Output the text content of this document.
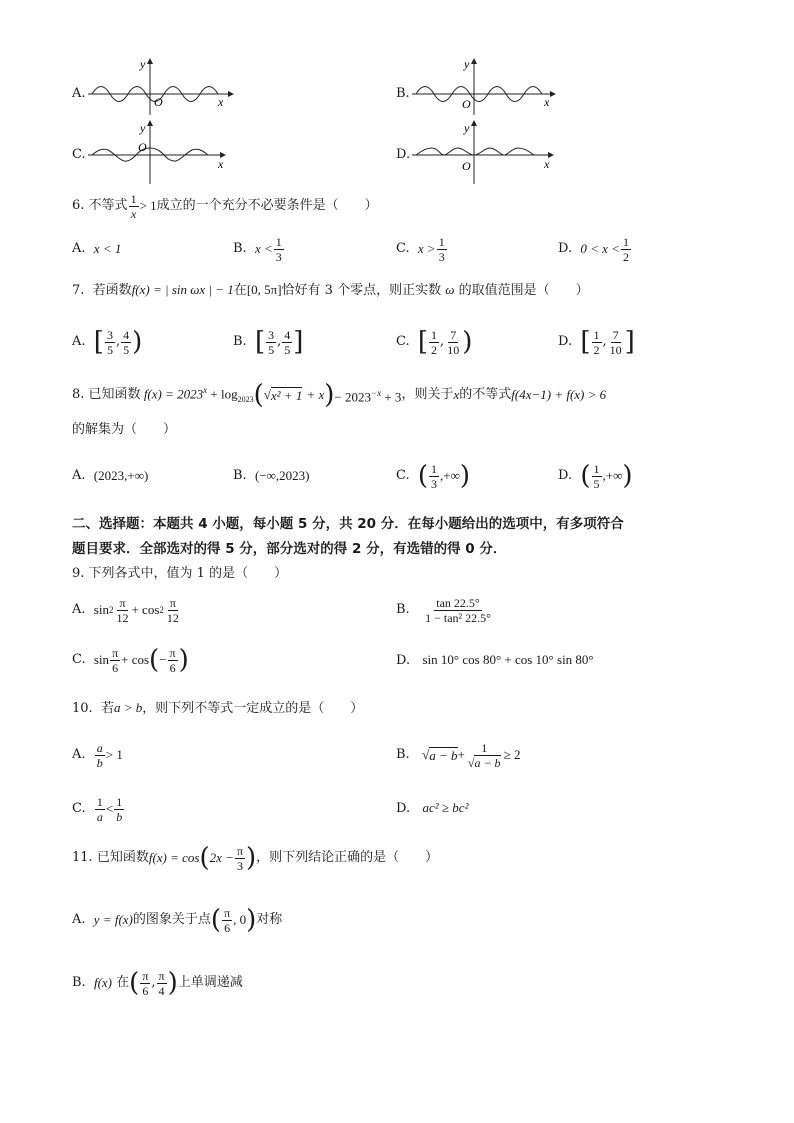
A.
y
x
O
B.
y
x
O
C.
y
x
O	D.
y
x
O
6.
不等式 $\frac{1}{x} > 1$ 成立的一个充分不必要条件是（　　）
A.
x < 1	B.
$x < \frac{1}{3}$	C.
$x > \frac{1}{3}$	D.
$0 < x < \frac{1}{2}$
7. 若函数f(x) = | sin ωx | − 1在[0, 5π]恰好有 3 个零点，则正实数 ω 的取值范围是（　　）
A.
[ $\frac{3}{5}$ , $\frac{4}{5}$ )	B.
[ $\frac{3}{5}$ , $\frac{4}{5}$ ]	C.
[ $\frac{1}{2}$ , $\frac{7}{10}$ )	D.
[ $\frac{1}{2}$ , $\frac{7}{10}$ ]
8.
已知函数 $f(x) = 2023^x + \log_{2023}$ ( √ x² + 1
+ x ) − $2023^{-x} + 3$ ，则关于 x 的不等式 f(4x−1) + f(x) > 6
的解集为（　　）
A.
(2023,+∞)	B.
(−∞,2023)	C.
( $\frac{1}{3}$ ,+∞ )	D.
( $\frac{1}{5}$ ,+∞ )
二、选择题：本题共 4 小题，每小题 5 分，共 20 分．在每小题给出的选项中，有多项符合
题目要求．全部选对的得 5 分，部分选对的得 2 分，有选错的得 0 分．
9. 下列各式中，值为 1 的是（　　）
A.
$\sin 2 \frac{\pi}{12} + \cos 2 \frac{\pi}{12}$	B.
$\frac{\tan 22.5^\circ}{\text{1 − tan² 22.5°}}$
C.
$\sin \frac{\pi}{6} + \cos$ ( − $\frac{\pi}{6}$ )	D. sin 10° cos 80° + cos 10° sin 80°
10. 若a > b，则下列不等式一定成立的是（　　）
A.
$\frac{a}{b} > 1$	B.
√ $a - b + \frac{1}{√a - b} \ge 2$
C.
$\frac{1}{a} < \frac{1}{b}$	D. ac² ≥ bc²
11.
已知函数 f(x) = cos ( $2x - \frac{\pi}{3}$ ) ，则下列结论正确的是（　　）
A.
y = f(x) 的图象关于点 ( $\frac{\pi}{6}$ , 0 ) 对称
B.
f(x)
在 ( $\frac{\pi}{6}$ , $\frac{\pi}{4}$ ) 上单调递减
